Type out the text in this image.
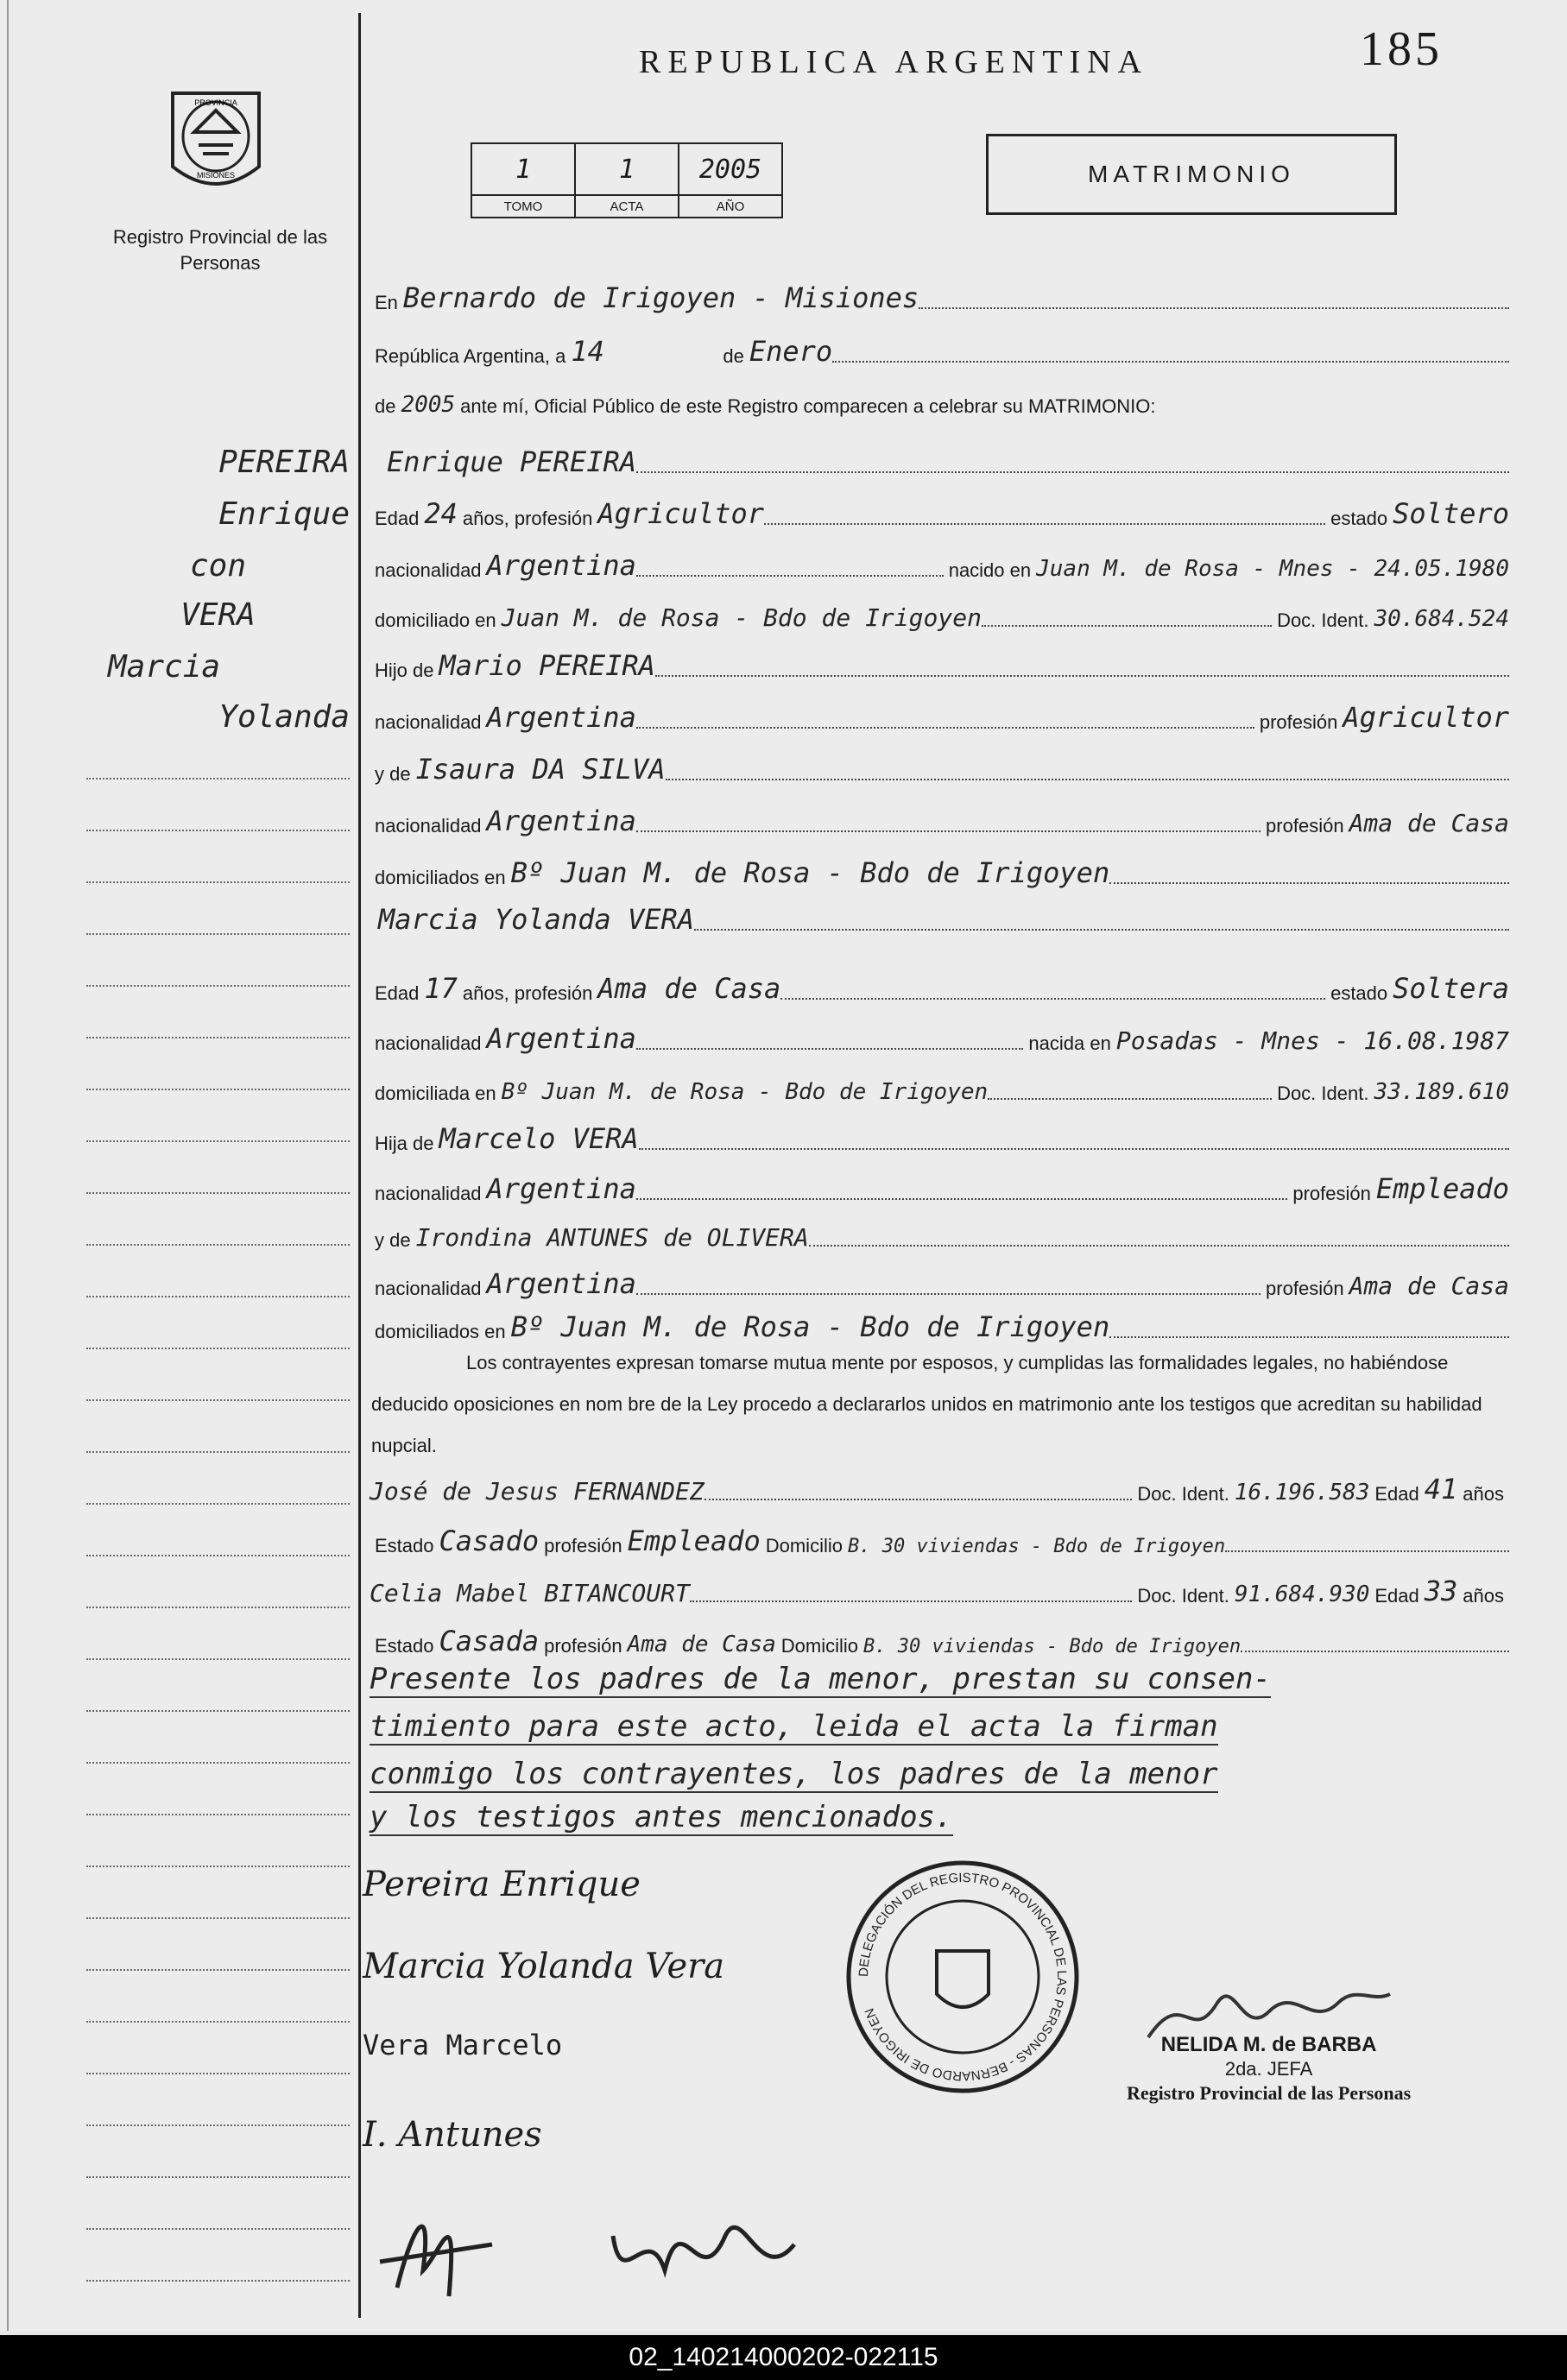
REPUBLICA ARGENTINA	185
PROVINCIA
MISIONES
Registro Provincial de las Personas
1	1	2005
TOMO	ACTA	AÑO
MATRIMONIO
En Bernardo de Irigoyen - Misiones
República Argentina, a 14	de Enero
de 2005 ante mí, Oficial Público de este Registro comparecen a celebrar su MATRIMONIO:
PEREIRA
Enrique
con
VERA
Marcia
Yolanda
Enrique PEREIRA
Edad 24 años, profesión Agricultor	estado Soltero
nacionalidad Argentina	nacido en Juan M. de Rosa - Mnes - 24.05.1980
domiciliado en Juan M. de Rosa - Bdo de Irigoyen	Doc. Ident. 30.684.524
Hijo de Mario PEREIRA
nacionalidad Argentina	profesión Agricultor
y de Isaura DA SILVA
nacionalidad Argentina	profesión Ama de Casa
domiciliados en Bº Juan M. de Rosa - Bdo de Irigoyen
Marcia Yolanda VERA
Edad 17 años, profesión Ama de Casa	estado Soltera
nacionalidad Argentina	nacida en Posadas - Mnes - 16.08.1987
domiciliada en Bº Juan M. de Rosa - Bdo de Irigoyen	Doc. Ident. 33.189.610
Hija de Marcelo VERA
nacionalidad Argentina	profesión Empleado
y de Irondina ANTUNES de OLIVERA
nacionalidad Argentina	profesión Ama de Casa
domiciliados en Bº Juan M. de Rosa - Bdo de Irigoyen
Los contrayentes expresan tomarse mutua mente por esposos, y cumplidas las formalidades legales, no habiéndose deducido oposiciones en nom bre de la Ley procedo a declararlos unidos en matrimonio ante los testigos que acreditan su habilidad nupcial.
José de Jesus FERNANDEZ	Doc. Ident. 16.196.583 Edad 41 años
Estado Casado profesión Empleado Domicilio B. 30 viviendas - Bdo de Irigoyen
Celia Mabel BITANCOURT	Doc. Ident. 91.684.930 Edad 33 años
Estado Casada profesión Ama de Casa Domicilio B. 30 viviendas - Bdo de Irigoyen
Presente los padres de la menor, prestan su consen-
timiento para este acto, leida el acta la firman
conmigo los contrayentes, los padres de la menor
y los testigos antes mencionados.
Pereira Enrique
Marcia Yolanda Vera
Vera Marcelo
I. Antunes
DELEGACIÓN DEL REGISTRO PROVINCIAL DE LAS PERSONAS - BERNARDO DE IRIGOYEN
NELIDA M. de BARBA
2da. JEFA
Registro Provincial de las Personas
02_140214000202-022115
